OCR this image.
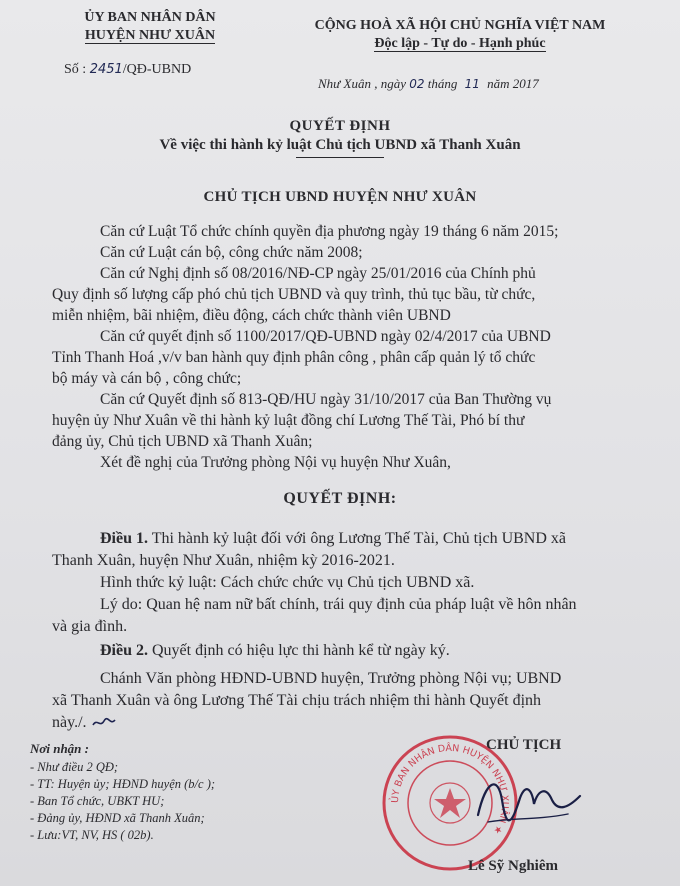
ỦY BAN NHÂN DÂN
HUYỆN NHƯ XUÂN
Số : 2451/QĐ-UBND
CỘNG HOÀ XÃ HỘI CHỦ NGHĨA VIỆT NAM
Độc lập - Tự do - Hạnh phúc
Như Xuân , ngày 02 tháng 11 năm 2017
QUYẾT ĐỊNH
Về việc thi hành kỷ luật Chủ tịch UBND xã Thanh Xuân
CHỦ TỊCH UBND HUYỆN NHƯ XUÂN
Căn cứ Luật Tổ chức chính quyền địa phương ngày 19 tháng 6 năm 2015;
Căn cứ Luật cán bộ, công chức năm 2008;
Căn cứ Nghị định số 08/2016/NĐ-CP ngày 25/01/2016 của Chính phủ
Quy định số lượng cấp phó chủ tịch UBND và quy trình, thủ tục bầu, từ chức,
miễn nhiệm, bãi nhiệm, điều động, cách chức thành viên UBND
Căn cứ quyết định số 1100/2017/QĐ-UBND ngày 02/4/2017 của UBND
Tỉnh Thanh Hoá ,v/v ban hành quy định phân công , phân cấp quản lý tổ chức
bộ máy và cán bộ , công chức;
Căn cứ Quyết định số 813-QĐ/HU ngày 31/10/2017 của Ban Thường vụ
huyện ủy Như Xuân về thi hành kỷ luật đồng chí Lương Thế Tài, Phó bí thư
đảng ủy, Chủ tịch UBND xã Thanh Xuân;
Xét đề nghị của Trưởng phòng Nội vụ huyện Như Xuân,
QUYẾT ĐỊNH:
Điều 1. Thi hành kỷ luật đối với ông Lương Thế Tài, Chủ tịch UBND xã
Thanh Xuân, huyện Như Xuân, nhiệm kỳ 2016-2021.
Hình thức kỷ luật: Cách chức chức vụ Chủ tịch UBND xã.
Lý do: Quan hệ nam nữ bất chính, trái quy định của pháp luật về hôn nhân
và gia đình.
Điều 2. Quyết định có hiệu lực thi hành kể từ ngày ký.
Chánh Văn phòng HĐND-UBND huyện, Trưởng phòng Nội vụ; UBND
xã Thanh Xuân và ông Lương Thế Tài chịu trách nhiệm thi hành Quyết định
này./.
Nơi nhận :
- Như điều 2 QĐ;
- TT: Huyện ủy; HĐND huyện (b/c );
- Ban Tổ chức, UBKT HU;
- Đảng ủy, HĐND xã Thanh Xuân;
- Lưu:VT, NV, HS ( 02b).
ỦY BAN NHÂN DÂN HUYỆN NHƯ XUÂN ★
CHỦ TỊCH
Lê Sỹ Nghiêm
